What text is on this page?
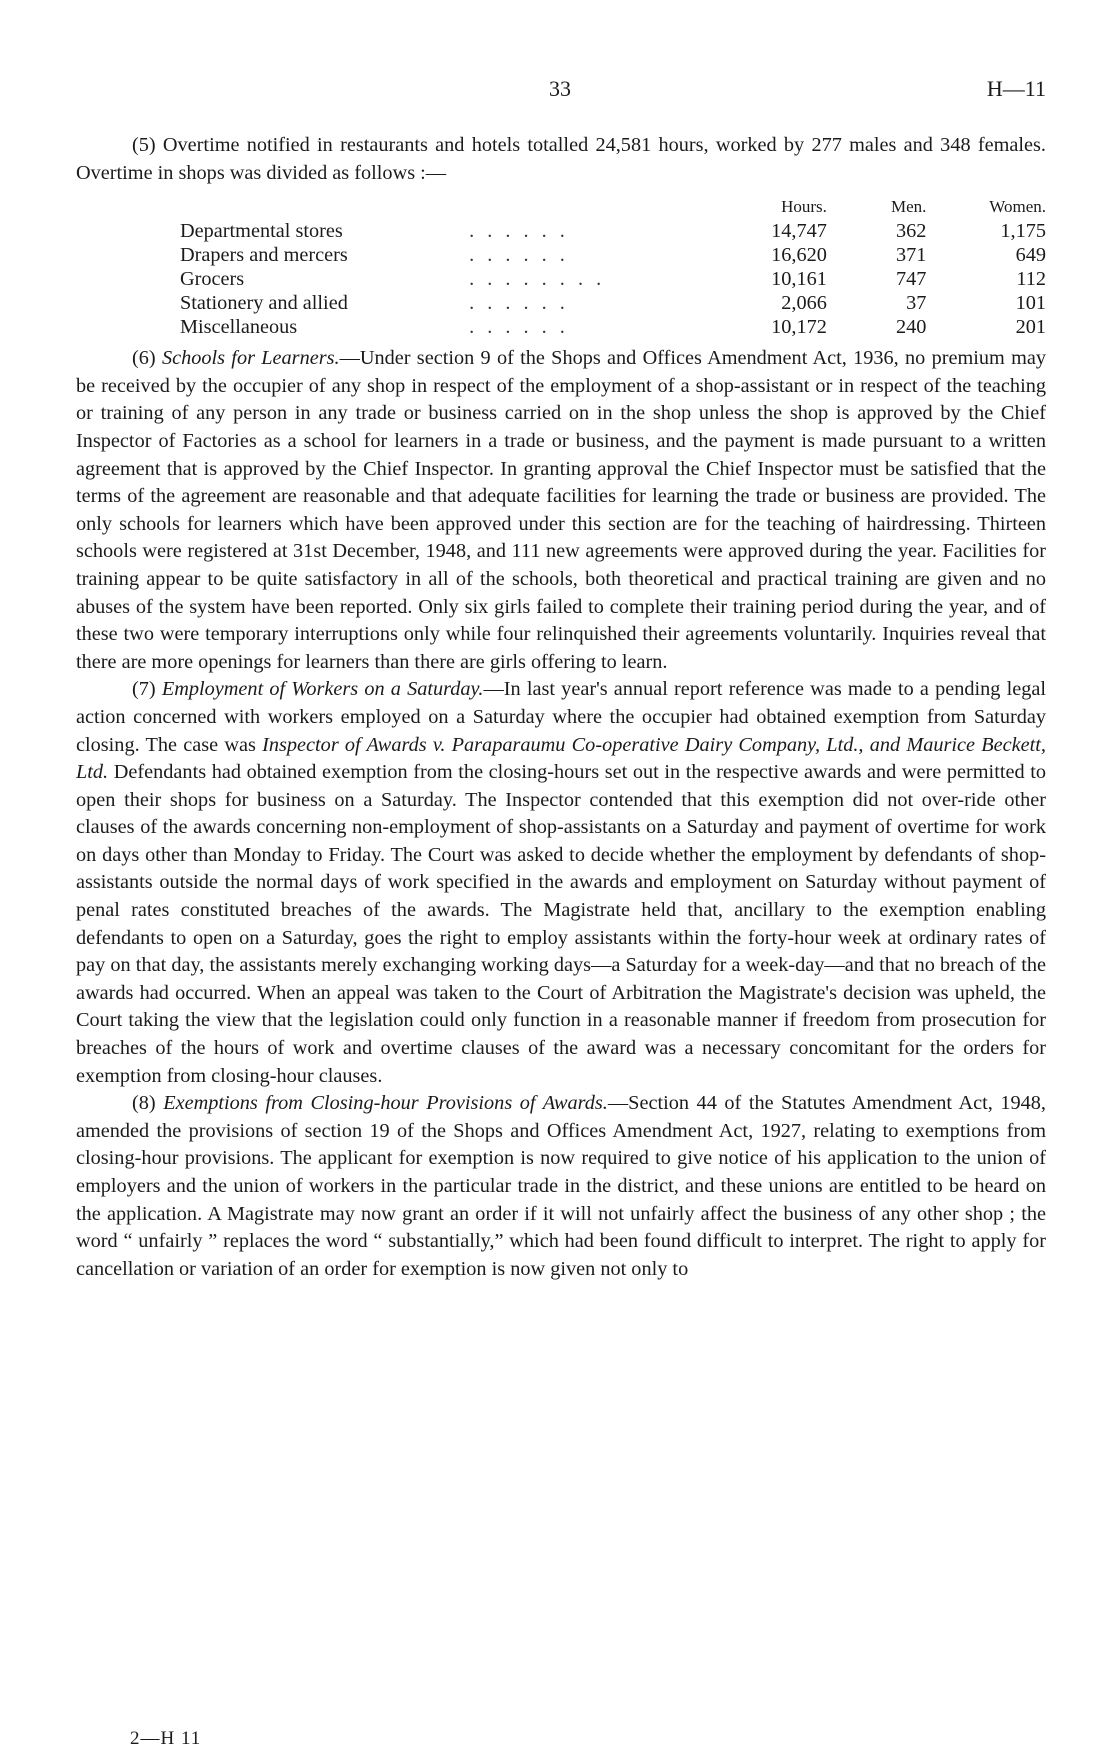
33	H—11

(5) Overtime notified in restaurants and hotels totalled 24,581 hours, worked by 277 males and 348 females. Overtime in shops was divided as follows :—

		Hours.	Men.	Women.
Departmental stores	. . . . . .	14,747	362	1,175
Drapers and mercers	. . . . . .	16,620	371	649
Grocers	. . . . . . . .	10,161	747	112
Stationery and allied	. . . . . .	2,066	37	101
Miscellaneous	. . . . . .	10,172	240	201

(6) Schools for Learners.—Under section 9 of the Shops and Offices Amendment Act, 1936, no premium may be received by the occupier of any shop in respect of the employment of a shop-assistant or in respect of the teaching or training of any person in any trade or business carried on in the shop unless the shop is approved by the Chief Inspector of Factories as a school for learners in a trade or business, and the payment is made pursuant to a written agreement that is approved by the Chief Inspector. In granting approval the Chief Inspector must be satisfied that the terms of the agreement are reasonable and that adequate facilities for learning the trade or business are provided. The only schools for learners which have been approved under this section are for the teaching of hairdressing. Thirteen schools were registered at 31st December, 1948, and 111 new agreements were approved during the year. Facilities for training appear to be quite satisfactory in all of the schools, both theoretical and practical training are given and no abuses of the system have been reported. Only six girls failed to complete their training period during the year, and of these two were temporary interruptions only while four relinquished their agreements voluntarily. Inquiries reveal that there are more openings for learners than there are girls offering to learn.

(7) Employment of Workers on a Saturday.—In last year's annual report reference was made to a pending legal action concerned with workers employed on a Saturday where the occupier had obtained exemption from Saturday closing. The case was Inspector of Awards v. Paraparaumu Co-operative Dairy Company, Ltd., and Maurice Beckett, Ltd. Defendants had obtained exemption from the closing-hours set out in the respective awards and were permitted to open their shops for business on a Saturday. The Inspector contended that this exemption did not over-ride other clauses of the awards concerning non-employment of shop-assistants on a Saturday and payment of overtime for work on days other than Monday to Friday. The Court was asked to decide whether the employment by defendants of shop-assistants outside the normal days of work specified in the awards and employment on Saturday without payment of penal rates constituted breaches of the awards. The Magistrate held that, ancillary to the exemption enabling defendants to open on a Saturday, goes the right to employ assistants within the forty-hour week at ordinary rates of pay on that day, the assistants merely exchanging working days—a Saturday for a week-day—and that no breach of the awards had occurred. When an appeal was taken to the Court of Arbitration the Magistrate's decision was upheld, the Court taking the view that the legislation could only function in a reasonable manner if freedom from prosecution for breaches of the hours of work and overtime clauses of the award was a necessary concomitant for the orders for exemption from closing-hour clauses.

(8) Exemptions from Closing-hour Provisions of Awards.—Section 44 of the Statutes Amendment Act, 1948, amended the provisions of section 19 of the Shops and Offices Amendment Act, 1927, relating to exemptions from closing-hour provisions. The applicant for exemption is now required to give notice of his application to the union of employers and the union of workers in the particular trade in the district, and these unions are entitled to be heard on the application. A Magistrate may now grant an order if it will not unfairly affect the business of any other shop ; the word “ unfairly ” replaces the word “ substantially,” which had been found difficult to interpret. The right to apply for cancellation or variation of an order for exemption is now given not only to

2—H 11
